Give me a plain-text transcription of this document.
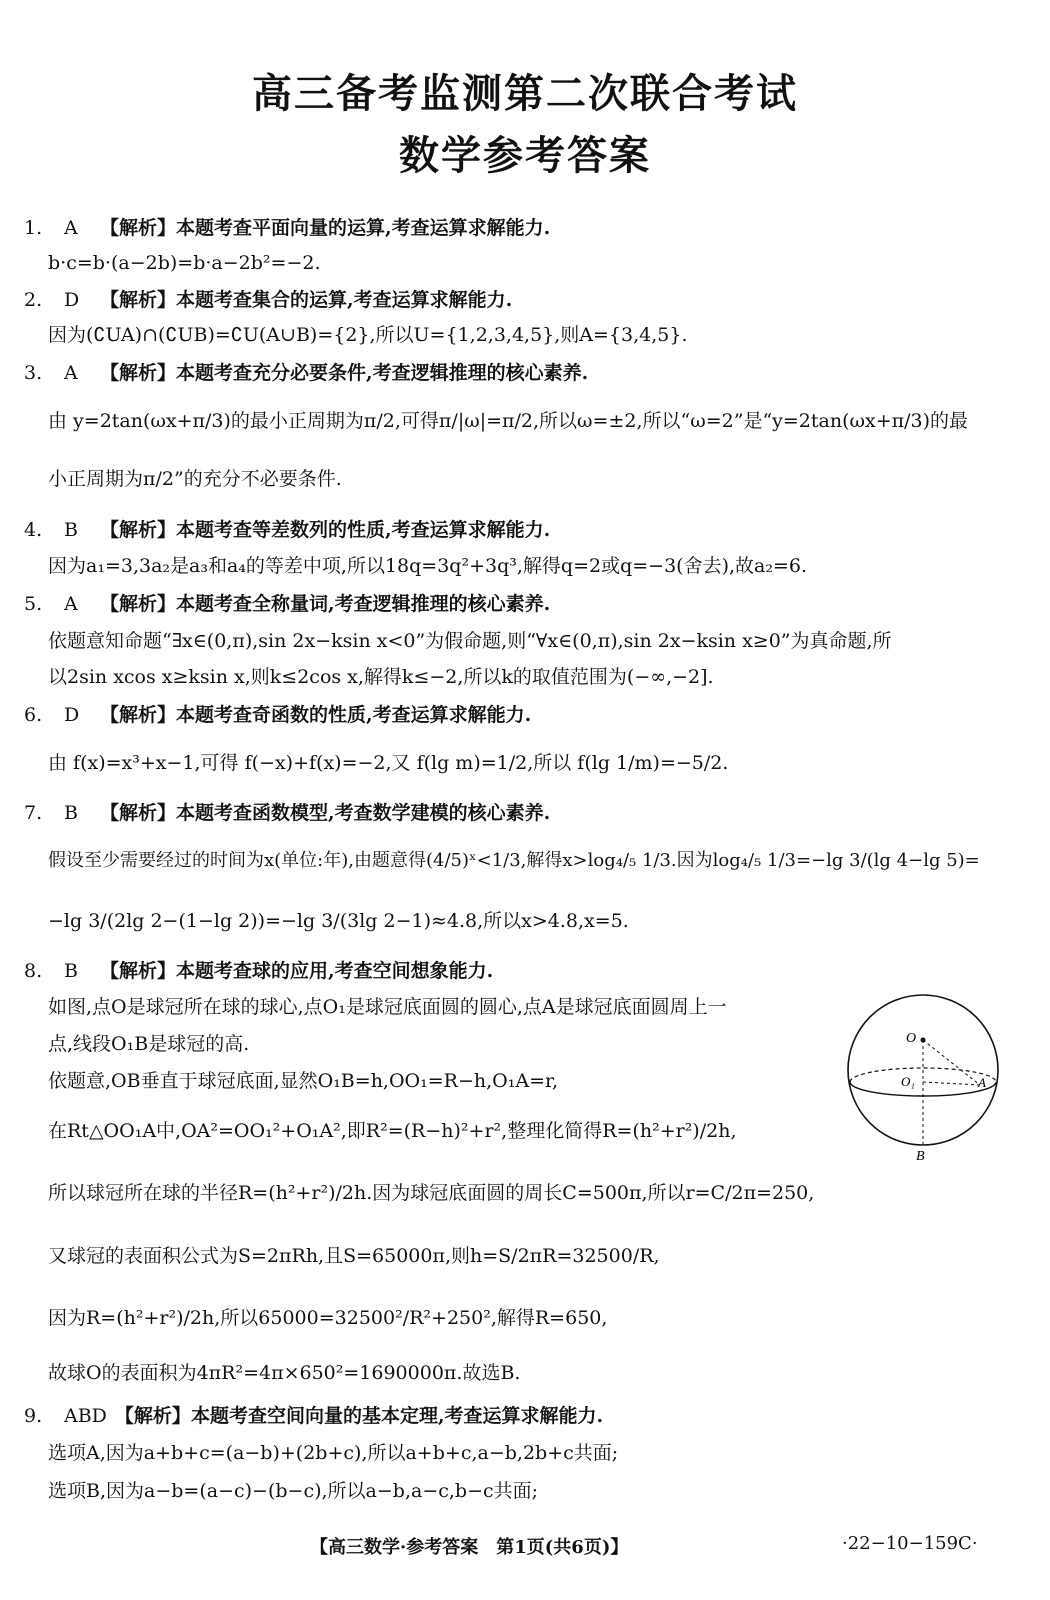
高三备考监测第二次联合考试
数学参考答案
1. A 【解析】本题考查平面向量的运算,考查运算求解能力.
b·c=b·(a−2b)=b·a−2b²=−2.
2. D 【解析】本题考查集合的运算,考查运算求解能力.
因为(∁UA)∩(∁UB)=∁U(A∪B)={2},所以U={1,2,3,4,5},则A={3,4,5}.
3. A 【解析】本题考查充分必要条件,考查逻辑推理的核心素养.
由 y=2tan(ωx+π/3)的最小正周期为π/2,可得π/|ω|=π/2,所以ω=±2,所以“ω=2”是“y=2tan(ωx+π/3)的最
小正周期为π/2”的充分不必要条件.
4. B 【解析】本题考查等差数列的性质,考查运算求解能力.
因为a₁=3,3a₂是a₃和a₄的等差中项,所以18q=3q²+3q³,解得q=2或q=−3(舍去),故a₂=6.
5. A 【解析】本题考查全称量词,考查逻辑推理的核心素养.
依题意知命题“∃x∈(0,π),sin 2x−ksin x<0”为假命题,则“∀x∈(0,π),sin 2x−ksin x≥0”为真命题,所
以2sin xcos x≥ksin x,则k≤2cos x,解得k≤−2,所以k的取值范围为(−∞,−2].
6. D 【解析】本题考查奇函数的性质,考查运算求解能力.
由 f(x)=x³+x−1,可得 f(−x)+f(x)=−2,又 f(lg m)=1/2,所以 f(lg 1/m)=−5/2.
7. B 【解析】本题考查函数模型,考查数学建模的核心素养.
假设至少需要经过的时间为x(单位:年),由题意得(4/5)ˣ<1/3,解得x>log₄/₅ 1/3.因为log₄/₅ 1/3=−lg 3/(lg 4−lg 5)=
−lg 3/(2lg 2−(1−lg 2))=−lg 3/(3lg 2−1)≈4.8,所以x>4.8,x=5.
8. B 【解析】本题考查球的应用,考查空间想象能力.
如图,点O是球冠所在球的球心,点O₁是球冠底面圆的圆心,点A是球冠底面圆周上一
点,线段O₁B是球冠的高.
依题意,OB垂直于球冠底面,显然O₁B=h,OO₁=R−h,O₁A=r,
在Rt△OO₁A中,OA²=OO₁²+O₁A²,即R²=(R−h)²+r²,整理化简得R=(h²+r²)/2h,
所以球冠所在球的半径R=(h²+r²)/2h.因为球冠底面圆的周长C=500π,所以r=C/2π=250,
又球冠的表面积公式为S=2πRh,且S=65000π,则h=S/2πR=32500/R,
因为R=(h²+r²)/2h,所以65000=32500²/R²+250²,解得R=650,
故球O的表面积为4πR²=4π×650²=1690000π.故选B.
9. ABD 【解析】本题考查空间向量的基本定理,考查运算求解能力.
选项A,因为a+b+c=(a−b)+(2b+c),所以a+b+c,a−b,2b+c共面;
选项B,因为a−b=(a−c)−(b−c),所以a−b,a−c,b−c共面;
O
O₁	A
B
【高三数学·参考答案　第1页(共6页)】	·22−10−159C·
